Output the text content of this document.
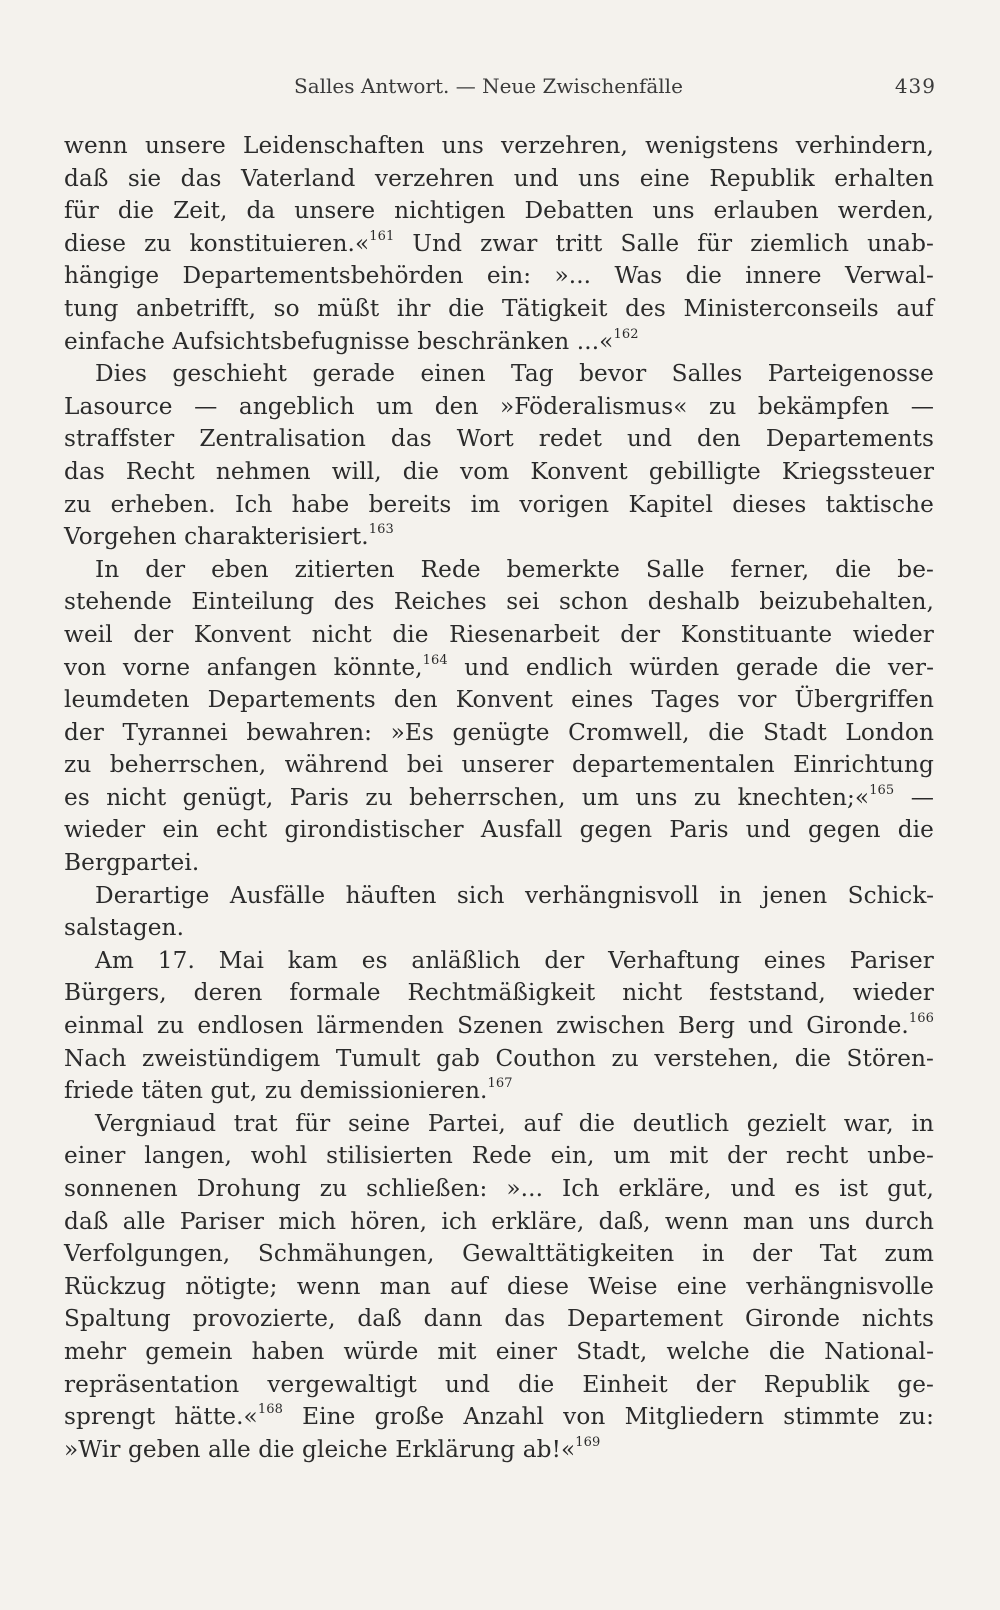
Salles Antwort. — Neue Zwischenfälle	439
wenn unsere Leidenschaften uns verzehren, wenigstens verhindern,
daß sie das Vaterland verzehren und uns eine Republik erhalten
für die Zeit, da unsere nichtigen Debatten uns erlauben werden,
diese zu konstituieren.«$^{161}$ Und zwar tritt Salle für ziemlich unab-
hängige Departementsbehörden ein: »... Was die innere Verwal-
tung anbetrifft, so müßt ihr die Tätigkeit des Ministerconseils auf
einfache Aufsichtsbefugnisse beschränken ...«$^{162}$
Dies geschieht gerade einen Tag bevor Salles Parteigenosse
Lasource — angeblich um den »Föderalismus« zu bekämpfen —
straffster Zentralisation das Wort redet und den Departements
das Recht nehmen will, die vom Konvent gebilligte Kriegssteuer
zu erheben. Ich habe bereits im vorigen Kapitel dieses taktische
Vorgehen charakterisiert.$^{163}$
In der eben zitierten Rede bemerkte Salle ferner, die be-
stehende Einteilung des Reiches sei schon deshalb beizubehalten,
weil der Konvent nicht die Riesenarbeit der Konstituante wieder
von vorne anfangen könnte,$^{164}$ und endlich würden gerade die ver-
leumdeten Departements den Konvent eines Tages vor Übergriffen
der Tyrannei bewahren: »Es genügte Cromwell, die Stadt London
zu beherrschen, während bei unserer departementalen Einrichtung
es nicht genügt, Paris zu beherrschen, um uns zu knechten;«$^{165}$ —
wieder ein echt girondistischer Ausfall gegen Paris und gegen die
Bergpartei.
Derartige Ausfälle häuften sich verhängnisvoll in jenen Schick-
salstagen.
Am 17. Mai kam es anläßlich der Verhaftung eines Pariser
Bürgers, deren formale Rechtmäßigkeit nicht feststand, wieder
einmal zu endlosen lärmenden Szenen zwischen Berg und Gironde.$^{166}$
Nach zweistündigem Tumult gab Couthon zu verstehen, die Stören-
friede täten gut, zu demissionieren.$^{167}$
Vergniaud trat für seine Partei, auf die deutlich gezielt war, in
einer langen, wohl stilisierten Rede ein, um mit der recht unbe-
sonnenen Drohung zu schließen: »... Ich erkläre, und es ist gut,
daß alle Pariser mich hören, ich erkläre, daß, wenn man uns durch
Verfolgungen, Schmähungen, Gewalttätigkeiten in der Tat zum
Rückzug nötigte; wenn man auf diese Weise eine verhängnisvolle
Spaltung provozierte, daß dann das Departement Gironde nichts
mehr gemein haben würde mit einer Stadt, welche die National-
repräsentation vergewaltigt und die Einheit der Republik ge-
sprengt hätte.«$^{168}$ Eine große Anzahl von Mitgliedern stimmte zu:
»Wir geben alle die gleiche Erklärung ab!«$^{169}$
